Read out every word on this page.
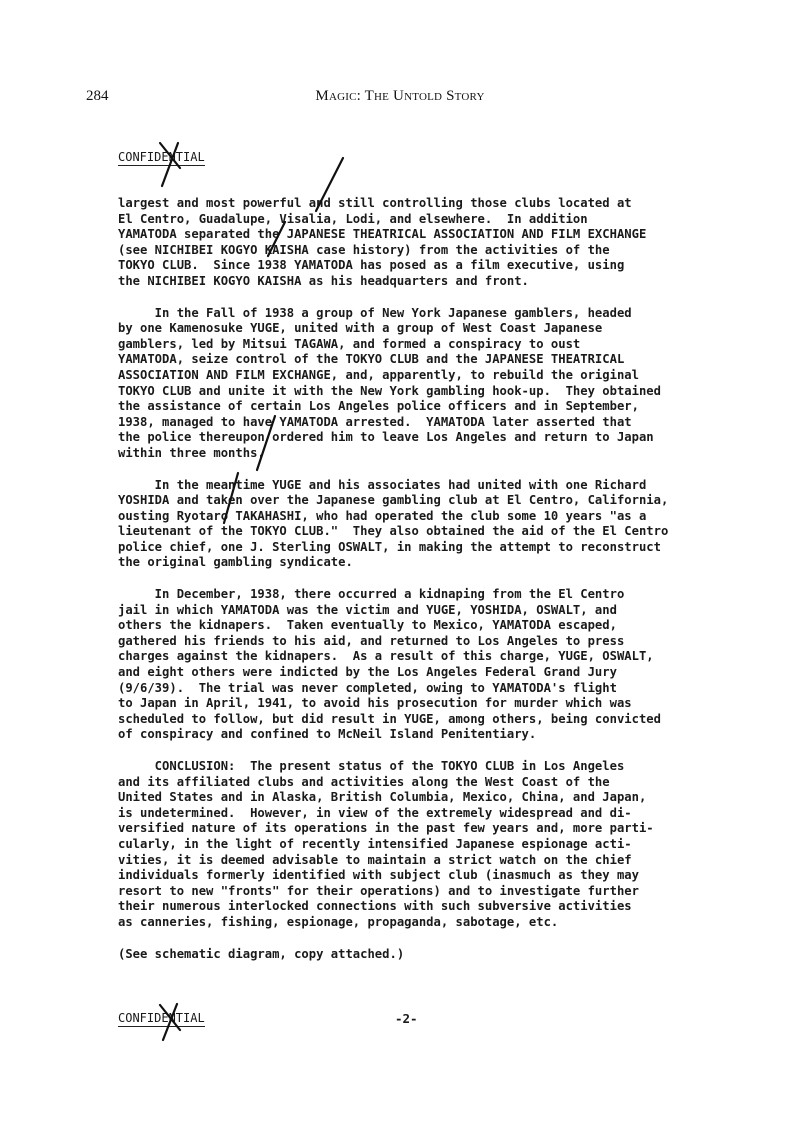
284	Magic: The Untold Story
CONFIDENTIAL
largest and most powerful and still controlling those clubs located at
El Centro, Guadalupe, Visalia, Lodi, and elsewhere.  In addition
YAMATODA separated the JAPANESE THEATRICAL ASSOCIATION AND FILM EXCHANGE
(see NICHIBEI KOGYO KAISHA case history) from the activities of the
TOKYO CLUB.  Since 1938 YAMATODA has posed as a film executive, using
the NICHIBEI KOGYO KAISHA as his headquarters and front.
In the Fall of 1938 a group of New York Japanese gamblers, headed
by one Kamenosuke YUGE, united with a group of West Coast Japanese
gamblers, led by Mitsui TAGAWA, and formed a conspiracy to oust
YAMATODA, seize control of the TOKYO CLUB and the JAPANESE THEATRICAL
ASSOCIATION AND FILM EXCHANGE, and, apparently, to rebuild the original
TOKYO CLUB and unite it with the New York gambling hook-up.  They obtained
the assistance of certain Los Angeles police officers and in September,
1938, managed to have YAMATODA arrested.  YAMATODA later asserted that
the police thereupon ordered him to leave Los Angeles and return to Japan
within three months.
In the meantime YUGE and his associates had united with one Richard
YOSHIDA and taken over the Japanese gambling club at El Centro, California,
ousting Ryotaro TAKAHASHI, who had operated the club some 10 years "as a
lieutenant of the TOKYO CLUB."  They also obtained the aid of the El Centro
police chief, one J. Sterling OSWALT, in making the attempt to reconstruct
the original gambling syndicate.
In December, 1938, there occurred a kidnaping from the El Centro
jail in which YAMATODA was the victim and YUGE, YOSHIDA, OSWALT, and
others the kidnapers.  Taken eventually to Mexico, YAMATODA escaped,
gathered his friends to his aid, and returned to Los Angeles to press
charges against the kidnapers.  As a result of this charge, YUGE, OSWALT,
and eight others were indicted by the Los Angeles Federal Grand Jury
(9/6/39).  The trial was never completed, owing to YAMATODA's flight
to Japan in April, 1941, to avoid his prosecution for murder which was
scheduled to follow, but did result in YUGE, among others, being convicted
of conspiracy and confined to McNeil Island Penitentiary.
CONCLUSION:  The present status of the TOKYO CLUB in Los Angeles
and its affiliated clubs and activities along the West Coast of the
United States and in Alaska, British Columbia, Mexico, China, and Japan,
is undetermined.  However, in view of the extremely widespread and di-
versified nature of its operations in the past few years and, more parti-
cularly, in the light of recently intensified Japanese espionage acti-
vities, it is deemed advisable to maintain a strict watch on the chief
individuals formerly identified with subject club (inasmuch as they may
resort to new "fronts" for their operations) and to investigate further
their numerous interlocked connections with such subversive activities
as canneries, fishing, espionage, propaganda, sabotage, etc.
(See schematic diagram, copy attached.)
CONFIDENTIAL	-2-
